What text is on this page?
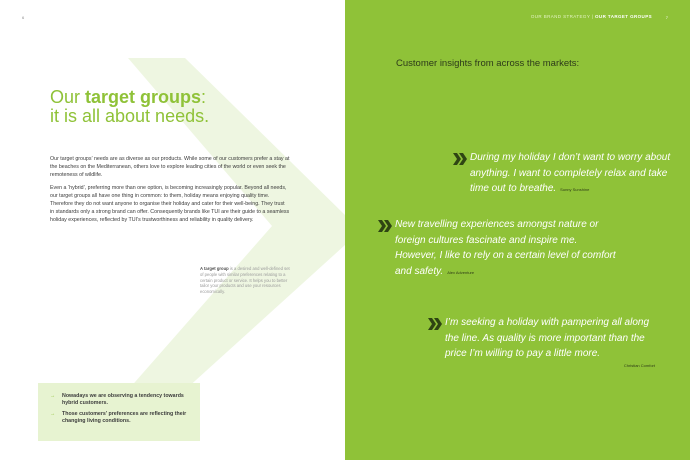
6
Our target groups:
it is all about needs.

Our target groups’ needs are as diverse as our products. While some of our customers prefer a stay at the beaches on the Mediterranean, others love to explore leading cities of the world or even seek the remoteness of wildlife.

Even a ‘hybrid’, preferring more than one option, is becoming increasingly popular. Beyond all needs, our target groups all have one thing in common: to them, holiday means enjoying quality time. Therefore they do not want anyone to organise their holiday and cater for their well-being. They trust in standards only a strong brand can offer. Consequently brands like TUI are their guide to a seamless holiday experiences, reflected by TUI’s trustworthiness and reliability in quality delivery.

A target group is a desired and well-defined set of people with similar preferences relating to a certain product or service. It helps you to better tailor your products and use your resources economically.
→ Nowadays we are observing a tendency towards hybrid customers.
→ Those customers’ preferences are reflecting their changing living conditions.
OUR BRAND STRATEGY | OUR TARGET GROUPS	7
Customer insights from across the markets:
During my holiday I don’t want to worry about anything. I want to completely relax and take time out to breathe. Sunny Sunshine
New travelling experiences amongst nature or foreign cultures fascinate and inspire me. However, I like to rely on a certain level of comfort and safety. Alex Adventure
I’m seeking a holiday with pampering all along the line. As quality is more important than the price I’m willing to pay a little more.
Christian Comfort
